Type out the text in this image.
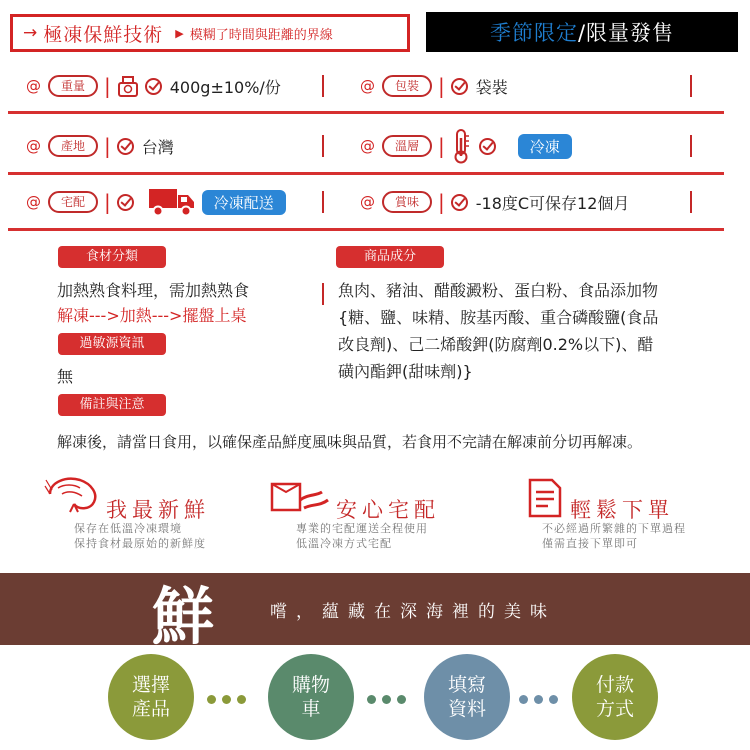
→ 極凍保鮮技術 ▶ 模糊了時間與距離的界線	季節限定 /限量發售
@	重量 |	400g±10%/份	@	包裝 | 袋裝
@	產地 | 台灣	@	溫層 |	冷凍
@	宅配 |	冷凍配送	@	賞味 | -18度C可保存12個月
食材分類
加熱熟食料理，需加熱熟食
解凍--->加熱--->擺盤上桌
過敏源資訊
無
備註與注意
商品成分
魚肉、豬油、醋酸澱粉、蛋白粉、食品添加物
{糖、鹽、味精、胺基丙酸、重合磷酸鹽(食品
改良劑)、己二烯酸鉀(防腐劑0.2%以下)、醋
磺內酯鉀(甜味劑)}
解凍後，請當日食用，以確保產品鮮度風味與品質，若食用不完請在解凍前分切再解凍。
我最新鮮
保存在低溫冷凍環境
保持食材最原始的新鮮度
安心宅配
專業的宅配運送全程使用
低溫冷凍方式宅配
輕鬆下單
不必經過所繁雜的下單過程
僅需直接下單即可
鮮	嚐，蘊藏在深海裡的美味
選擇
產品
購物
車
填寫
資料
付款
方式
